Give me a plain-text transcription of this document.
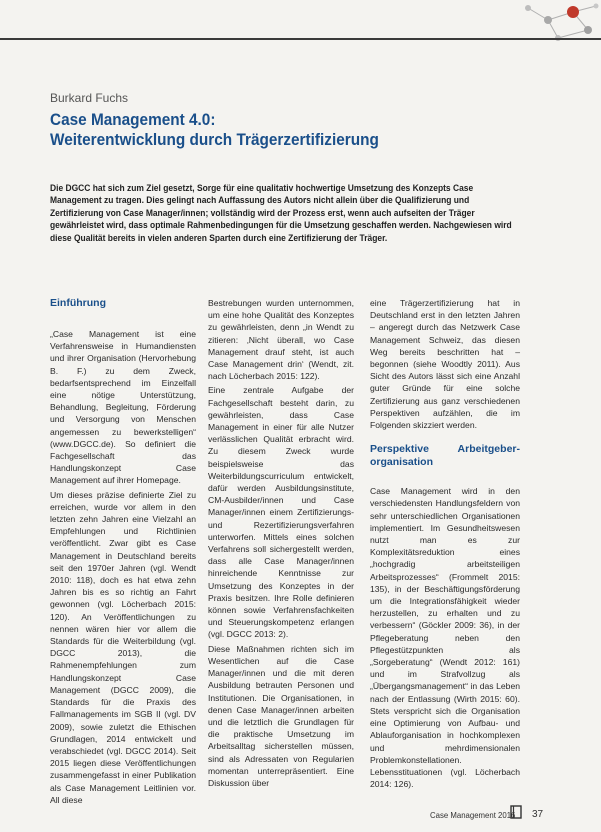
Burkard Fuchs
Case Management 4.0:
Weiterentwicklung durch Trägerzertifizierung
Die DGCC hat sich zum Ziel gesetzt, Sorge für eine qualitativ hochwertige Umsetzung des Konzepts Case Management zu tragen. Dies gelingt nach Auffassung des Autors nicht allein über die Qualifizierung und Zertifizierung von Case Manager/innen; vollständig wird der Prozess erst, wenn auch aufseiten der Träger gewährleistet wird, dass optimale Rahmenbedingungen für die Umsetzung geschaffen werden. Nachgewiesen wird diese Qualität bereits in vielen anderen Sparten durch eine Zertifizierung der Träger.
Einführung

„Case Management ist eine Verfahrensweise in Humandiensten und ihrer Organisation (Hervorhebung B. F.) zu dem Zweck, bedarfsentsprechend im Einzelfall eine nötige Unterstützung, Behandlung, Begleitung, Förderung und Versorgung von Menschen angemessen zu bewerkstelligen“ (www.DGCC.de). So definiert die Fachgesellschaft das Handlungskonzept Case Management auf ihrer Homepage.

Um dieses präzise definierte Ziel zu erreichen, wurde vor allem in den letzten zehn Jahren eine Vielzahl an Empfehlungen und Richtlinien veröffentlicht. Zwar gibt es Case Management in Deutschland bereits seit den 1970er Jahren (vgl. Wendt 2010: 118), doch es hat etwa zehn Jahren bis es so richtig an Fahrt gewonnen (vgl. Löcherbach 2015: 120). An Veröffentlichungen zu nennen wären hier vor allem die Standards für die Weiterbildung (vgl. DGCC 2013), die Rahmenempfehlungen zum Handlungskonzept Case Management (DGCC 2009), die Standards für die Praxis des Fallmanagements im SGB II (vgl. DV 2009), sowie zuletzt die Ethischen Grundlagen, 2014 entwickelt und verabschiedet (vgl. DGCC 2014). Seit 2015 liegen diese Veröffentlichungen zusammengefasst in einer Publikation als Case Management Leitlinien vor. All diese

Bestrebungen wurden unternommen, um eine hohe Qualität des Konzeptes zu gewährleisten, denn „in Wendt zu zitieren: ‚Nicht überall, wo Case Management drauf steht, ist auch Case Management drin‘ (Wendt, zit. nach Löcherbach 2015: 122).

Eine zentrale Aufgabe der Fachgesellschaft besteht darin, zu gewährleisten, dass Case Management in einer für alle Nutzer verlässlichen Qualität erbracht wird. Zu diesem Zweck wurde beispielsweise das Weiterbildungscurriculum entwickelt, dafür werden Ausbildungsinstitute, CM-Ausbilder/innen und Case Manager/innen einem Zertifizierungs- und Rezertifizierungsverfahren unterworfen. Mittels eines solchen Verfahrens soll sichergestellt werden, dass alle Case Manager/innen hinreichende Kenntnisse zur Umsetzung des Konzeptes in der Praxis besitzen. Ihre Rolle definieren können sowie Verfahrensfachkeiten und Steuerungskompetenz erlangen (vgl. DGCC 2013: 2).

Diese Maßnahmen richten sich im Wesentlichen auf die Case Manager/innen und die mit deren Ausbildung betrauten Personen und Institutionen. Die Organisationen, in denen Case Manager/innen arbeiten und die letztlich die Grundlagen für die praktische Umsetzung im Arbeitsalltag sicherstellen müssen, sind als Adressaten von Regularien momentan unterrepräsentiert. Eine Diskussion über

eine Trägerzertifizierung hat in Deutschland erst in den letzten Jahren – angeregt durch das Netzwerk Case Management Schweiz, das diesen Weg bereits beschritten hat – begonnen (siehe Woodtly 2011). Aus Sicht des Autors lässt sich eine Anzahl guter Gründe für eine solche Zertifizierung aus ganz verschiedenen Perspektiven aufzählen, die im Folgenden skizziert werden.

Perspektive Arbeitgeber-organisation

Case Management wird in den verschiedensten Handlungsfeldern von sehr unterschiedlichen Organisationen implementiert. Im Gesundheitswesen nutzt man es zur Komplexitätsreduktion eines „hochgradig arbeitsteiligen Arbeitsprozesses“ (Frommelt 2015: 135), in der Beschäftigungsförderung um die Integrationsfähigkeit wieder herzustellen, zu erhalten und zu verbessern“ (Göckler 2009: 36), in der Pflegeberatung neben den Pflegestützpunkten als „Sorgeberatung“ (Wendt 2012: 161) und im Strafvollzug als „Übergangsmanagement“ in das Leben nach der Entlassung (Wirth 2015: 60). Stets verspricht sich die Organisation eine Optimierung von Aufbau- und Ablauforganisation in hochkomplexen und mehrdimensionalen Problemkonstellationen. Lebensstituationen (vgl. Löcherbach 2014: 126).

Case Management 2016 37
